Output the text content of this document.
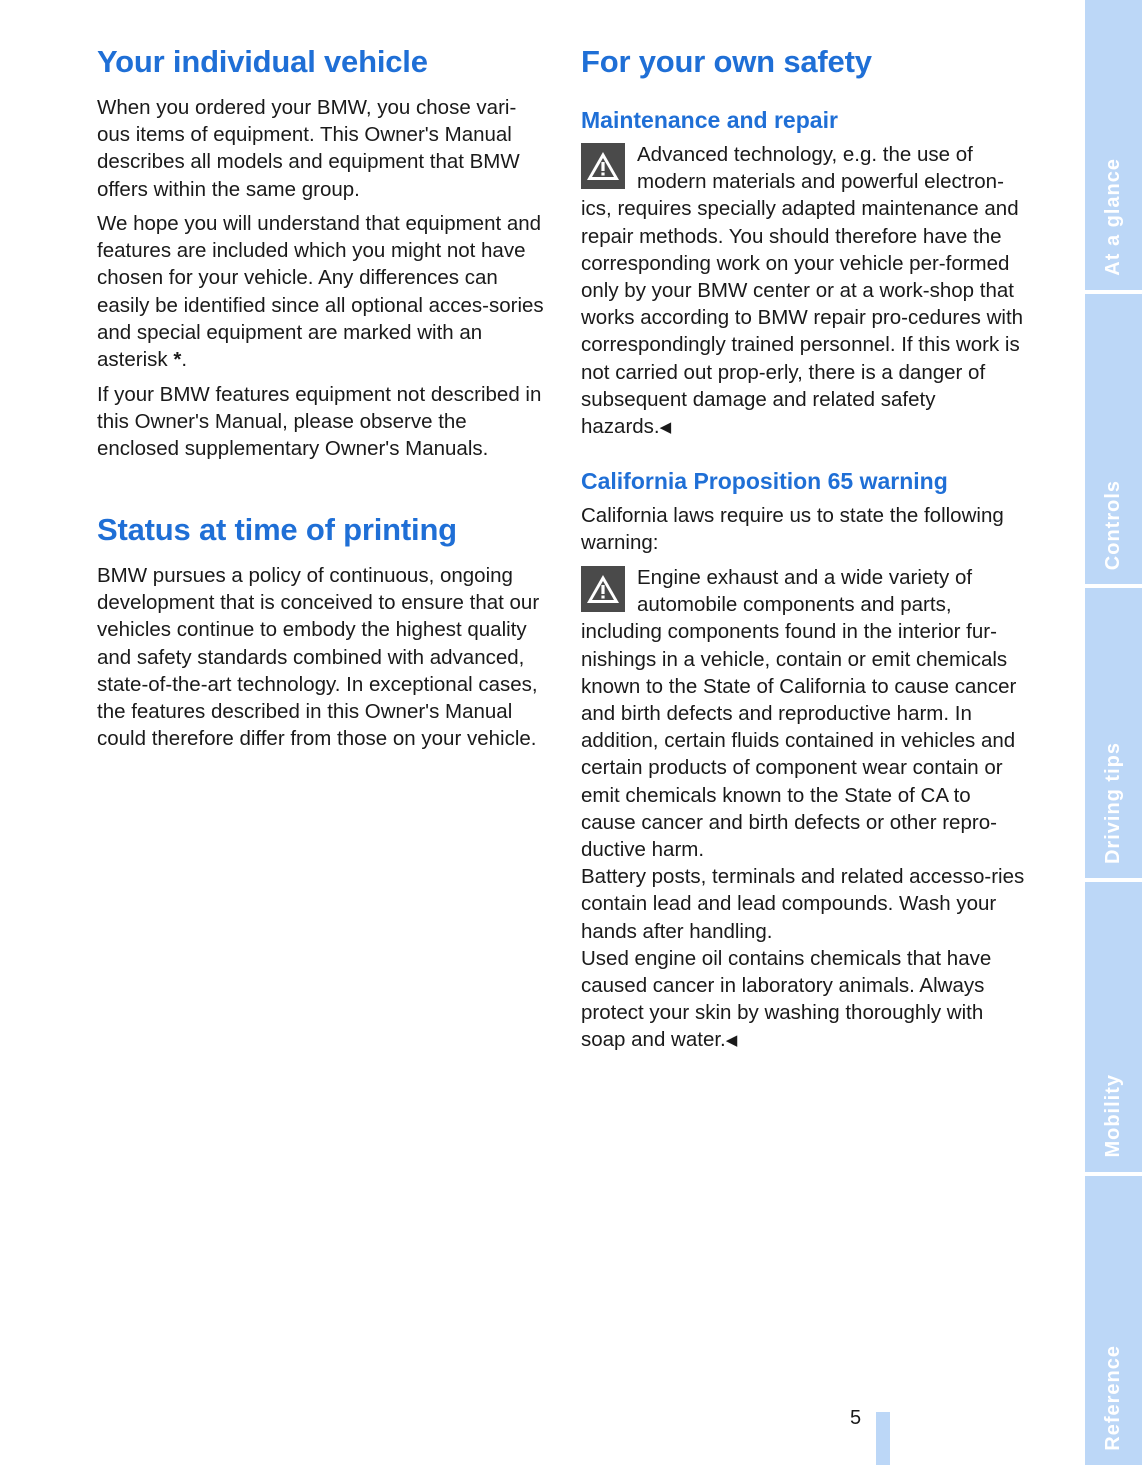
Your individual vehicle

When you ordered your BMW, you chose vari-ous items of equipment. This Owner's Manual describes all models and equipment that BMW offers within the same group.

We hope you will understand that equipment and features are included which you might not have chosen for your vehicle. Any differences can easily be identified since all optional acces-sories and special equipment are marked with an asterisk *.

If your BMW features equipment not described in this Owner's Manual, please observe the enclosed supplementary Owner's Manuals.

Status at time of printing

BMW pursues a policy of continuous, ongoing development that is conceived to ensure that our vehicles continue to embody the highest quality and safety standards combined with advanced, state-of-the-art technology. In exceptional cases, the features described in this Owner's Manual could therefore differ from those on your vehicle.

For your own safety
Maintenance and repair
Advanced technology, e.g. the use of modern materials and powerful electron-ics, requires specially adapted maintenance and repair methods. You should therefore have the corresponding work on your vehicle per-formed only by your BMW center or at a work-shop that works according to BMW repair pro-cedures with correspondingly trained personnel. If this work is not carried out prop-erly, there is a danger of subsequent damage and related safety hazards.◀
California Proposition 65 warning

California laws require us to state the following warning:

Engine exhaust and a wide variety of automobile components and parts, including components found in the interior fur-nishings in a vehicle, contain or emit chemicals known to the State of California to cause cancer and birth defects and reproductive harm. In addition, certain fluids contained in vehicles and certain products of component wear contain or emit chemicals known to the State of CA to cause cancer and birth defects or other repro-ductive harm.
Battery posts, terminals and related accesso-ries contain lead and lead compounds. Wash your hands after handling.
Used engine oil contains chemicals that have caused cancer in laboratory animals. Always protect your skin by washing thoroughly with soap and water.◀
At a glance
Controls
Driving tips
Mobility
Reference
5
